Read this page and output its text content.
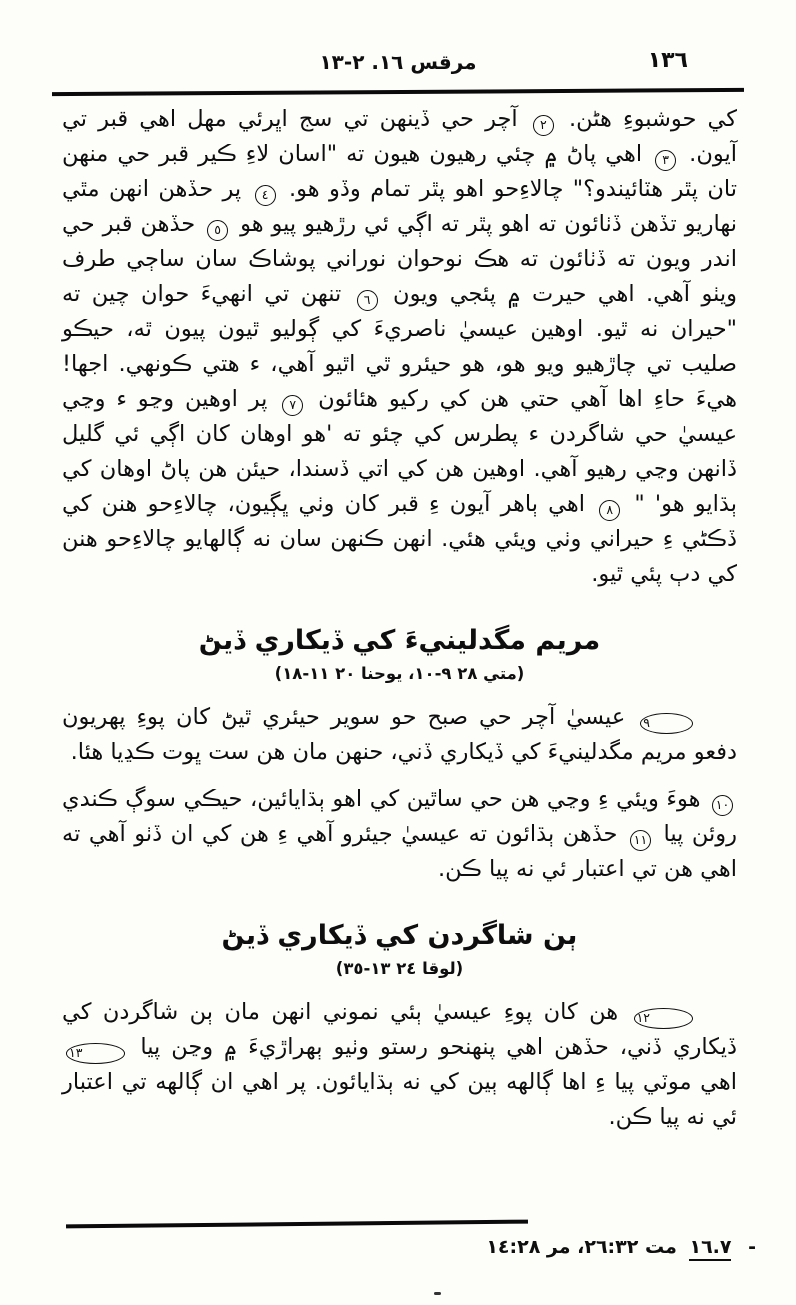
١٣٦
مرقس ١٦. ٢-١٣

کي حوشبوءِ هڻن. ٢ آچر حي ڏينهن تي سج اڀرئي مهل اهي قبر تي آيون. ٣ اهي پاڻ ۾ چئي رهيون هيون ته "اسان لاءِ ڪير قبر حي منهن تان پٿر هٽائيندو؟" چالاءِحو اهو پٿر تمام وڏو هو. ٤ پر حڏهن انهن مٿي نهاريو تڏهن ڏٺائون ته اهو پٿر ته اڳي ئي رڙهيو پيو هو ٥ حڏهن قبر حي اندر ويون ته ڏٺائون ته هڪ نوحوان نوراني پوشاڪ سان ساڄي طرف ويٺو آهي. اهي حيرت ۾ پئجي ويون ٦ تنهن تي انهيءَ حوان چين ته "حيران نه ٿيو. اوهين عيسيٰ ناصريءَ کي ڳوليو ٿيون پيون ٿه، حيڪو صليب تي چاڙهيو ويو هو، هو حيئرو ٿي اٿيو آهي، ء هتي ڪونهي. اجها! هيءَ حاءِ اها آهي حتي هن کي رکيو هئائون ٧ پر اوهين وڃو ء وڃي عيسيٰ حي شاگردن ء پطرس کي چئو ته 'هو اوهان کان اڳي ئي گليل ڏانهن وڃي رهيو آهي. اوهين هن کي اتي ڏسندا، حيئن هن پاڻ اوهان کي ٻڌايو هو' " ٨ اهي ٻاهر آيون ءِ قبر کان وٺي ڀڳيون، چالاءِحو هنن کي ڏڪڻي ءِ حيراني وٺي ويئي هئي. انهن ڪنهن سان نه ڳالهايو چالاءِحو هنن کي دٻ پئي ٿيو.

مريم مگدلينيءَ کي ڏيکاري ڏيڻ
(متي ٢٨ ٩-١٠، يوحنا ٢٠ ١١-١٨)

٩ عيسيٰ آچر حي صبح حو سوير حيئري ٿيڻ کان پوءِ پهريون دفعو مريم مگدلينيءَ کي ڏيکاري ڏني، حنهن مان هن ست ڀوت ڪڍيا هئا.

١٠ هوءَ ويئي ءِ وڃي هن حي ساٿين کي اهو ٻڌايائين، حيڪي سوڳ ڪندي روئن پيا ١١ حڏهن ٻڌائون ته عيسيٰ جيئرو آهي ءِ هن کي ان ڏٺو آهي ته اهي هن تي اعتبار ئي نه پيا ڪن.

ٻن شاگردن کي ڏيکاري ڏيڻ
(لوقا ٢٤ ١٣-٣٥)

١٢ هن کان پوءِ عيسيٰ ٻئي نموني انهن مان ٻن شاگردن کي ڏيکاري ڏني، حڏهن اهي پنهنحو رستو وٺيو ٻهراڙيءَ ۾ وڃن پيا ١٣ اهي موٽي پيا ءِ اها ڳالهه ٻين کي نه ٻڌايائون. پر اهي ان ڳالهه تي اعتبار ئي نه پيا ڪن.

- ١٦.٧ مت ٢٦:٣٢، مر ١٤:٢٨
